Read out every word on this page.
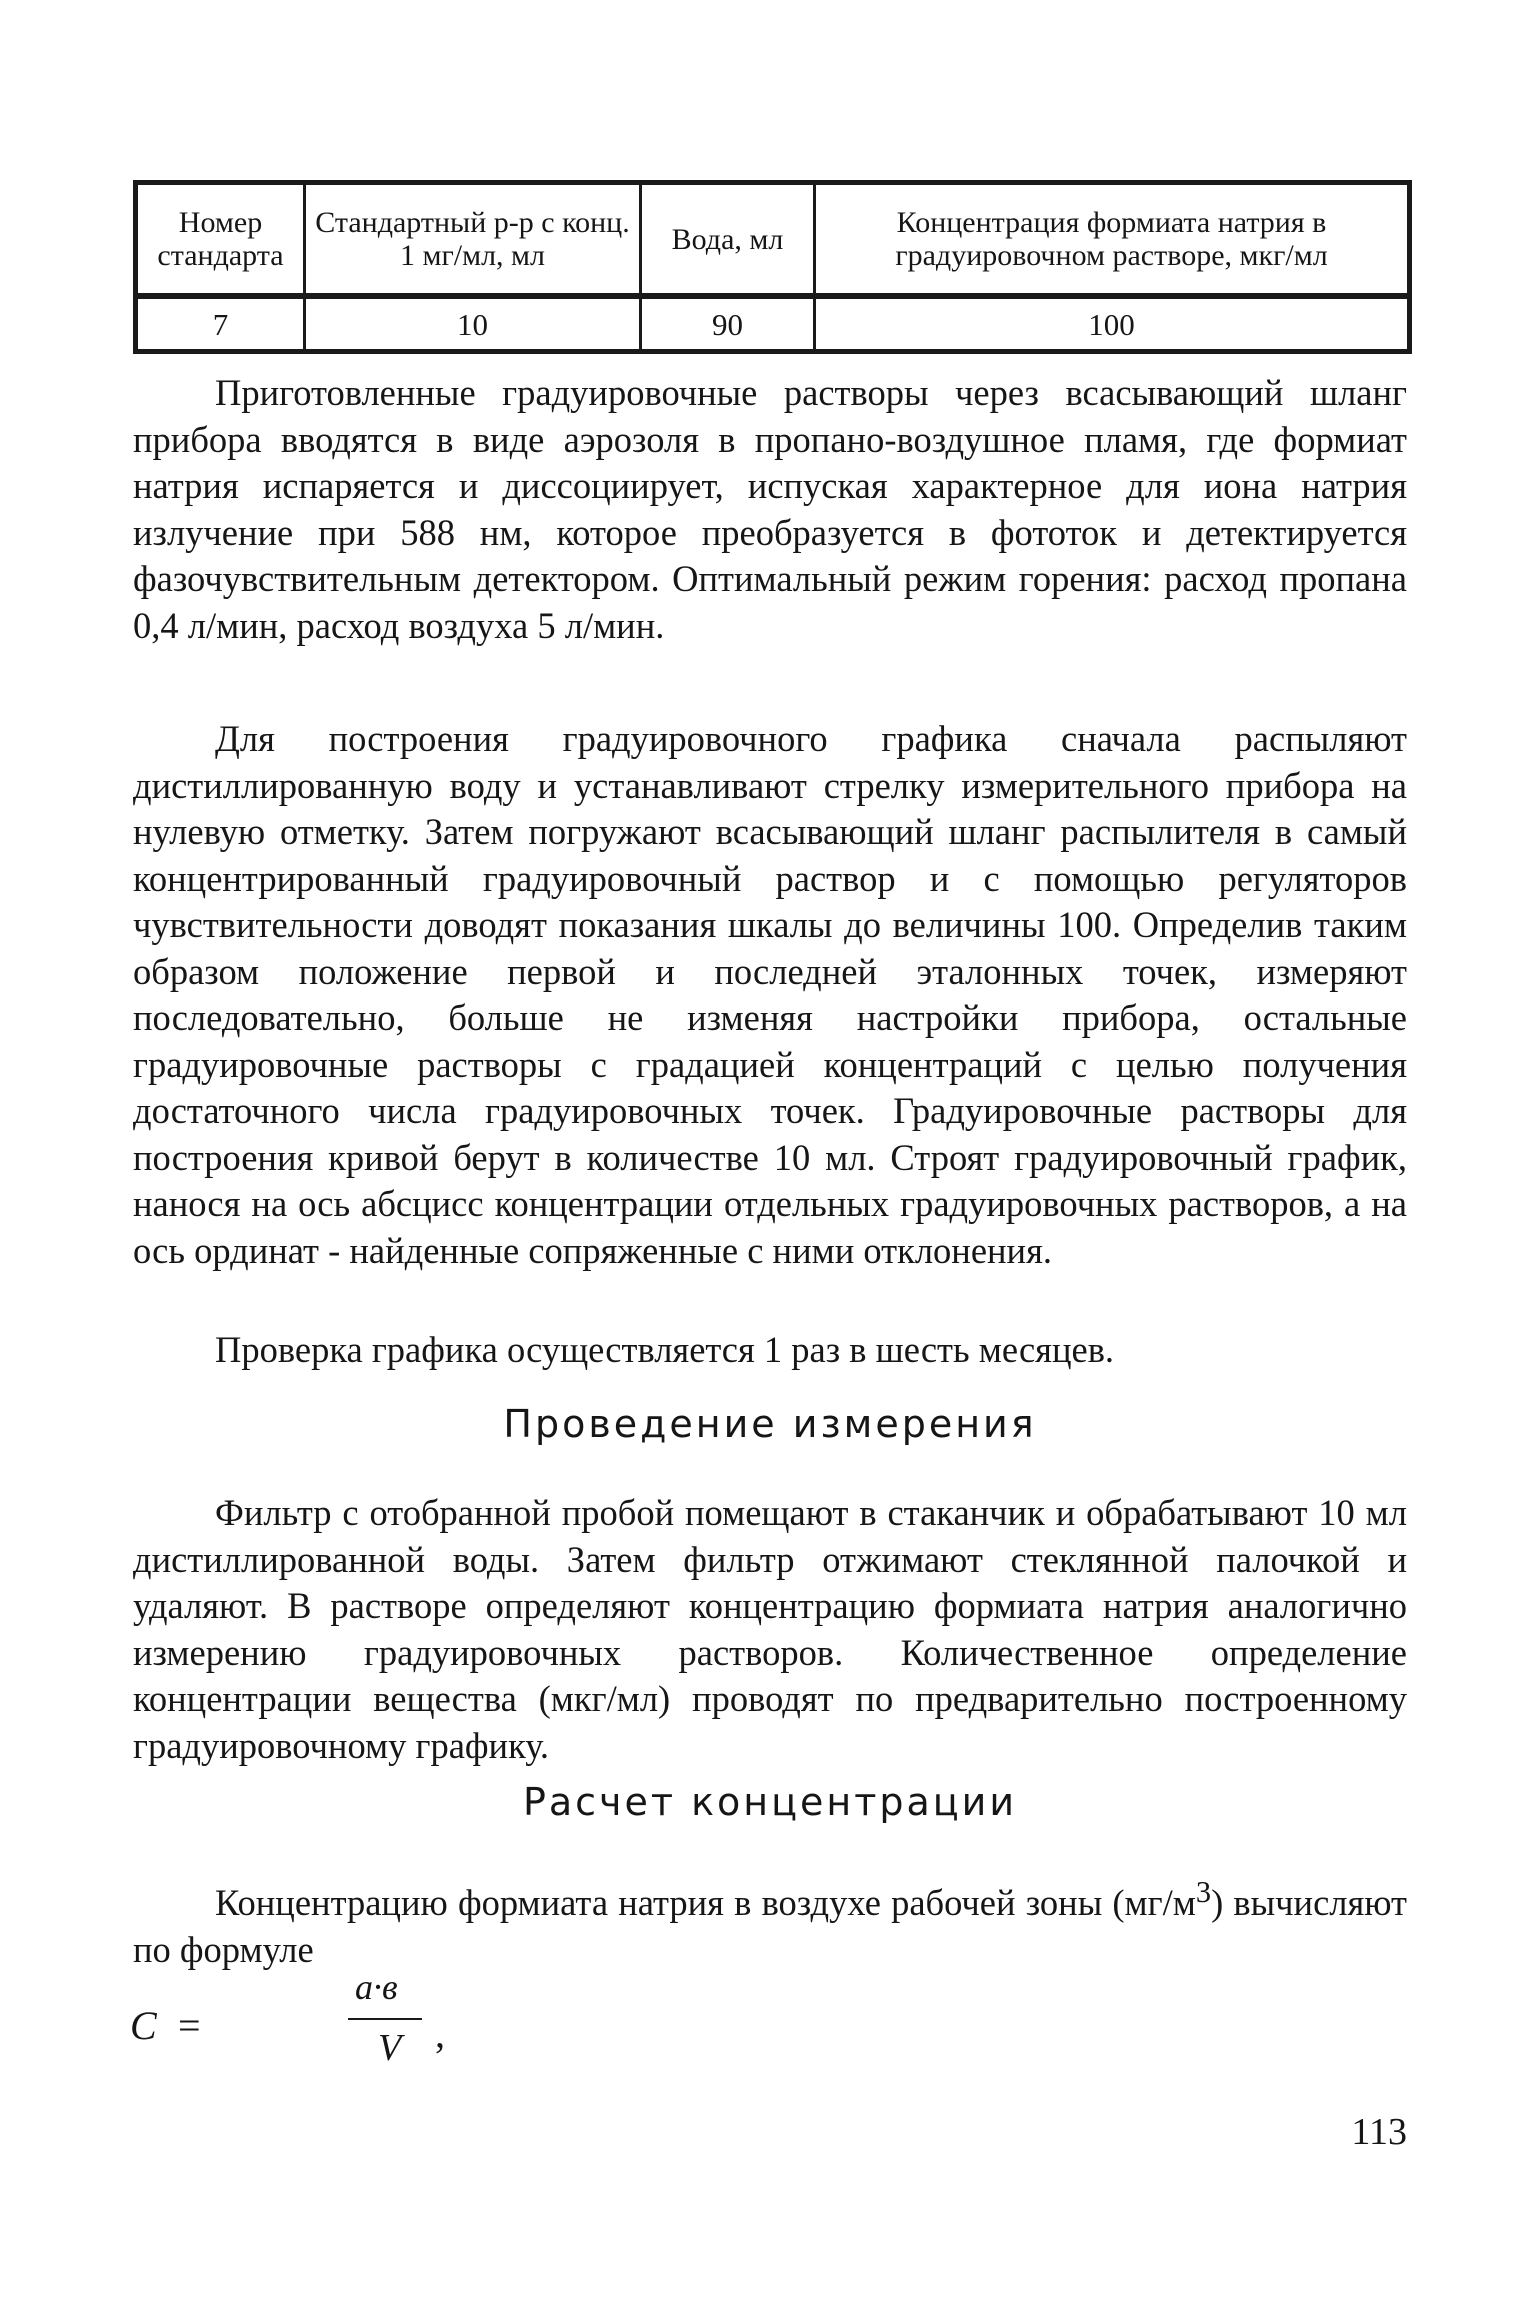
Номер стандарта	Стандартный р-р с конц. 1 мг/мл, мл	Вода, мл	Концентрация формиата натрия в градуировочном растворе, мкг/мл
7	10	90	100

Приготовленные градуировочные растворы через всасывающий шланг прибора вводятся в виде аэрозоля в пропано-воздушное пламя, где формиат натрия испаряется и диссоциирует, испуская характерное для иона натрия излучение при 588 нм, которое преобразуется в фототок и детектируется фазочувствительным детектором. Оптимальный режим горения: расход пропана 0,4 л/мин, расход воздуха 5 л/мин.

Для построения градуировочного графика сначала распыляют дистиллированную воду и устанавливают стрелку измерительного прибора на нулевую отметку. Затем погружают всасывающий шланг распылителя в самый концентрированный градуировочный раствор и с помощью регуляторов чувствительности доводят показания шкалы до величины 100. Определив таким образом положение первой и последней эталонных точек, измеряют последовательно, больше не изменяя настройки прибора, остальные градуировочные растворы с градацией концентраций с целью получения достаточного числа градуировочных точек. Градуировочные растворы для построения кривой берут в количестве 10 мл. Строят градуировочный график, нанося на ось абсцисс концентрации отдельных градуировочных растворов, а на ось ординат - найденные сопряженные с ними отклонения.

Проверка графика осуществляется 1 раз в шесть месяцев.

Проведение измерения

Фильтр с отобранной пробой помещают в стаканчик и обрабатывают 10 мл дистиллированной воды. Затем фильтр отжимают стеклянной палочкой и удаляют. В растворе определяют концентрацию формиата натрия аналогично измерению градуировочных растворов. Количественное определение концентрации вещества (мкг/мл) проводят по предварительно построенному градуировочному графику.

Расчет концентрации

Концентрацию формиата натрия в воздухе рабочей зоны $(мг/м^3)$ вычисляют по формуле

C =
a·в
V ,
113
